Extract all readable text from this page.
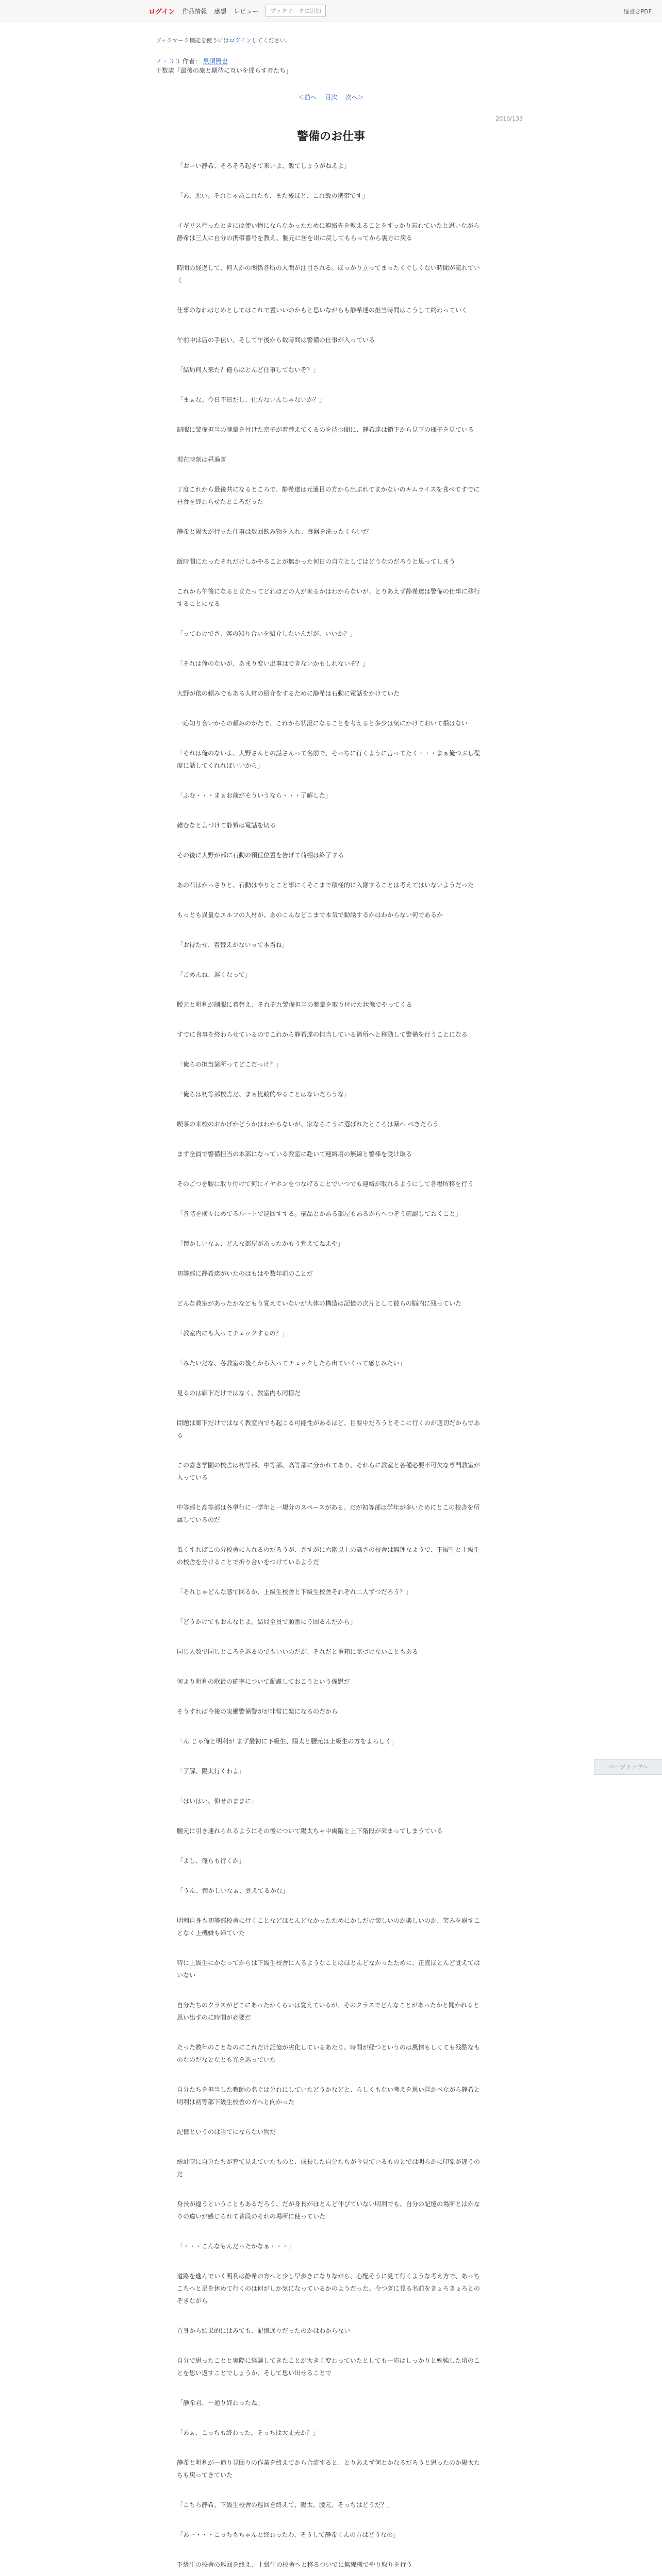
ログイン 作品情報 感想 レビュー	ブックマークに追加	縦書きPDF
ブックマーク機能を使うにはログインしてください。
ノ・３３ 作者： 黒須賢也
十数歳「最後の旅と期待に互いを揺らす者たち」
＜前へ 目次 次へ＞
2010/133
警備のお仕事

「おーい静希、そろそろ起きて来いよ、飯てしょうがねえよ」

「あ、悪い。それじゃあこれたも、また後ほど、これ飯の携帯です」

イギリス行ったときには使い物にならなかったために連絡先を教えることをすっかり忘れていたと思いながら静希は三人に自分の携帯番号を教え、腰元に居を出に戻してもらってから裏方に戻る

時間の経過して、何人かの関係各所の人間が注目される。ほっかり立ってまったくぐしくない時間が流れていく

仕事のなれはじめとしてはこれで置いいのかもと思いながらも静希達の担当時間はこうして終わっていく

午前中は店の手伝い、そして午後から数時間は警備の仕事が入っている

「結局何人来た？俺らはとんど仕事してないぞ？」

「まぁな。今日不日だし、仕方ないんじゃないか？」

制服に警備担当の腕章を付けた京子が着替えてくるのを待つ間に、静希達は鎖下から見下の様子を見ている

現在時刻は昼過ぎ

丁度これから最後共になるところで、静希達は元通目の方から出ぶれてまかないのキムライスを食べてすでに昼食を終わらせたところだった

静希と陽太が行った仕事は数回飲み物を入れ、食器を洗ったくらいだ

飯時間にたったそれだけしかやることが無かった何日の自立としてはどうなのだろうと思ってしまう

これから午後になるとまたってどれほどの人が来るかはわからないが、とりあえず静希達は警備の仕事に移行することになる

「ってわけでさ、客の知り合いを紹介したいんだが、いいか？」

「それは俺のないが、あまり変い出事はできないかもしれないぞ？」

大野が依の頼みでもある人材の紹介をするために静希は石動に電話をかけていた

一応知り合いからの頼みのかたで、これから状況になることを考えると多少は気にかけておいて損はない

「それは俺のないよ、大野さんとの話さんって名前で、そっちに行くように言ってたく・・・まぁ俺つぶし程度に話してくれればいいから」

「ふむ・・・まぁお前がそういうなら・・・了解した」

雑むなと言づけて静希は電話を切る

その後に大野が部に石動の預任位置を告げて荷棚は終了する

あの石はかっさりと、石動はやりとこと事にくそこまで積極的に入隊することは考えてはいないようだった

もっとも異量なエルフの人材が、あのこんなどこまで本気で勧誘するかはわからない何であるか

「お待たせ、着替えがないって本当ね」

「ごめんね、遅くなって」

腰元と明利が制服に着替え、それぞれ警備担当の腕章を取り付けた状態でやってくる

すでに食事を終わらせているのでこれから静希達の担当している箇所へと移動して警備を行うことになる

「俺らの担当箇所ってどこだっけ？」

「俺らは初等部校舎だ、まぁ比較的やることはないだろうな」

喫茶の来校のおかげかどうかはわからないが、家ならこうに選ばれたところは暴ヘ べきだろう

まず全員で警備担当の本部になっている教室に赴いて連絡用の無線と警棒を受け取る

そのごつを腰に取り付けて何にイヤホンをつなげることでいつでも連絡が取れるようにして各場所移を行う

「各階を横々にめてるルートで巡回すする。構品とかある部屋もあるからへつぞう確認しておくこと」

「懐かしいなぁ、どんな部屋があったかもう覚えてねえや」

初等部に静希達がいたのはもはや数年前のことだ

どんな教室があったかなどもう覚えていないが大体の構造は記憶の次片として彼らの脳内に残っていた

「教室内にも入ってチェックするの？」

「みたいだな、各教室の後ろから入ってチェックしたら出ていくって感じみたい」

見るのは廊下だけではなく、教室内も同様だ

問題は廊下だけではなく教室内でも起こる可能性があるほど、目要中だろうとそこに行くのが適切だからである

この喜念学園の校舎は初等部、中等部、高等部に分かれてあり、それらに教室と各種必要不可欠な専門教室が入っている

中等部と高等部は各単行に一学年と一規分のスペースがある。だが初等部は学年が多いためにとこの校舎を所属しているのだ

低くすればこの分校舎に入れるのだろうが、さすがに六階以上の高さの校舎は無理なようで、下層生と上級生の校舎を分けることで折り合いをつけているようだ

「それじゃどんな感て回るか、上級生校舎と下級生校舎それぞれ二人ずつだろう？」

「どうかけてもおんなじよ。結局全員で順番にう回るんだから」

同じ人数で同じところを巡るのでもいいのだが、それだと重箱に気づけないこともある

何より明利の歌最の確率について配慮しておこうという備慰だ

そうすれば今後の実働警備警がが非常に楽になるのだから

「ん じゃ俺と明利が まず最初に下級生、陽太と腰元は上級生の方をよろしく」

「了解、陽太行くわよ」

「はいはい、仰せのままに」

腰元に引き連れられるようにその後について陽太ちゃ中両階と上下階段が来まってしまうている

「よし、俺らも行くか」

「うん、懐かしいなぁ、覚えてるかな」

明利自身も初等部校舎に行くことなどほとんどなかったためにかしだけ懐しいのか楽しいのか、笑みを崩すことなく上機嫌も帰ていた

特に上級生にかなってからは下級生校舎に入るようなことはほとんどなかったために、正直ほとんど覚えてはいない

自分たちのクラスがどこにあったかくらいは覚えているが、そのクラスでどんなことがあったかと聞かれると思い出すのに時間が必要だ

たった数年のことなのにこれだけ記憶が劣化しているあたり、時間が経つというのは風情もしくても残酷なものなのだなとなとも光を巡っていた

自分たちを担当した教師の名ぐは分れにしていたどうかなどと、らしくもない考えを思い浮かべながら静希と明利は初等部下級生校舎の方へと向かった

記憶というのは当てにならない物だ

総計時に自分たちが育て見えていたものと、成長した自分たちが今見ているものとでは明らかに印象が違うのだ

身長が違うということもあるだろう、だが身長がほとんど伸びていない明利でも、自分の記憶の場所とはかなりの違いが感じられて普段のそれの場所に使っていた

「・・・こんなもんだったかなぁ・・・」

道路を進んでいく明利は静希の方へと少し早歩きになりながら、心配そうに見て行くような考え方で、あっちこちへと足を休めて行くのは何がしか気になっているかのようだった。今つぎに見る名前をきょろきょろとのぞきながら

首身から結果的にはみても、記憶通りだったのかはわからない

自分で思ったことと実際に経験してきたことが大きく変わっていたとしても一応はしっかりと勉強した頃のことを思い返すことでしょうか、そして思い出せることで

「静希君、一通り終わったね」

「あぁ、こっちも終わった。そっちは大丈夫か？」

静希と明利が一通り見回りの作業を終えてから合流すると、とりあえず何とかなるだろうと思ったのか陽太たちも戻ってきていた

「こちら静希、下級生校舎の巡回を終えて、陽太、腰元、そっちはどうだ？」

「あー・・・こっちもちゃんと終わったわ、そうして静希くんの方はどうなの」

下級生の校舎の巡回を終え、上級生の校舎へと移るついでに無線機でやり取りを行う

ページトップへ
